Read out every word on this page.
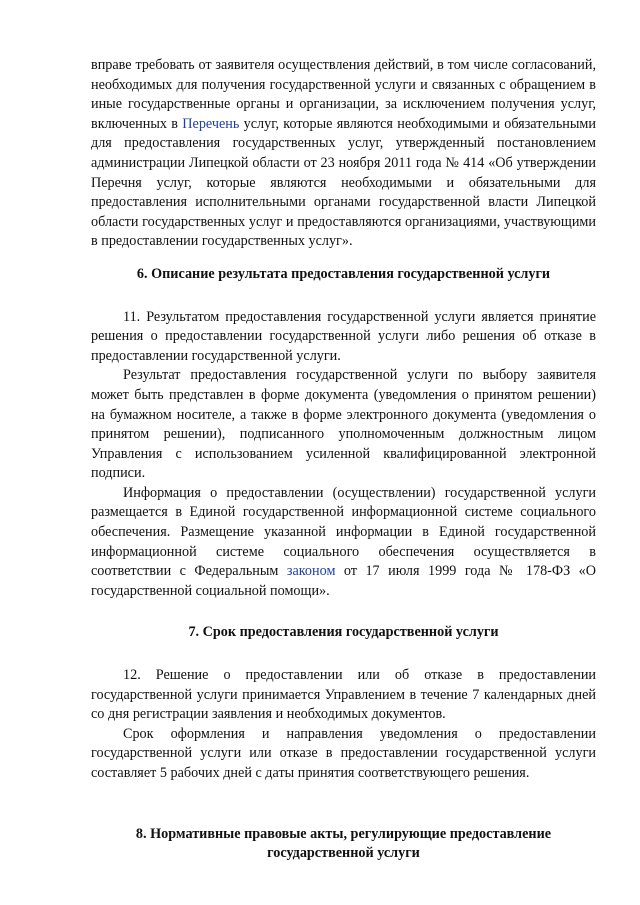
вправе требовать от заявителя осуществления действий, в том числе согласований, необходимых для получения государственной услуги и связанных с обращением в иные государственные органы и организации, за исключением получения услуг, включенных в Перечень услуг, которые являются необходимыми и обязательными для предоставления государственных услуг, утвержденный постановлением администрации Липецкой области от 23 ноября 2011 года № 414 «Об утверждении Перечня услуг, которые являются необходимыми и обязательными для предоставления исполнительными органами государственной власти Липецкой области государственных услуг и предоставляются организациями, участвующими в предоставлении государственных услуг».

6. Описание результата предоставления государственной услуги

11. Результатом предоставления государственной услуги является принятие решения о предоставлении государственной услуги либо решения об отказе в предоставлении государственной услуги.

Результат предоставления государственной услуги по выбору заявителя может быть представлен в форме документа (уведомления о принятом решении) на бумажном носителе, а также в форме электронного документа (уведомления о принятом решении), подписанного уполномоченным должностным лицом Управления с использованием усиленной квалифицированной электронной подписи.

Информация о предоставлении (осуществлении) государственной услуги размещается в Единой государственной информационной системе социального обеспечения. Размещение указанной информации в Единой государственной информационной системе социального обеспечения осуществляется в соответствии с Федеральным законом от 17 июля 1999 года № 178-ФЗ «О государственной социальной помощи».

7. Срок предоставления государственной услуги

12. Решение о предоставлении или об отказе в предоставлении государственной услуги принимается Управлением в течение 7 календарных дней со дня регистрации заявления и необходимых документов.

Срок оформления и направления уведомления о предоставлении государственной услуги или отказе в предоставлении государственной услуги составляет 5 рабочих дней с даты принятия соответствующего решения.

8. Нормативные правовые акты, регулирующие предоставление
государственной услуги
